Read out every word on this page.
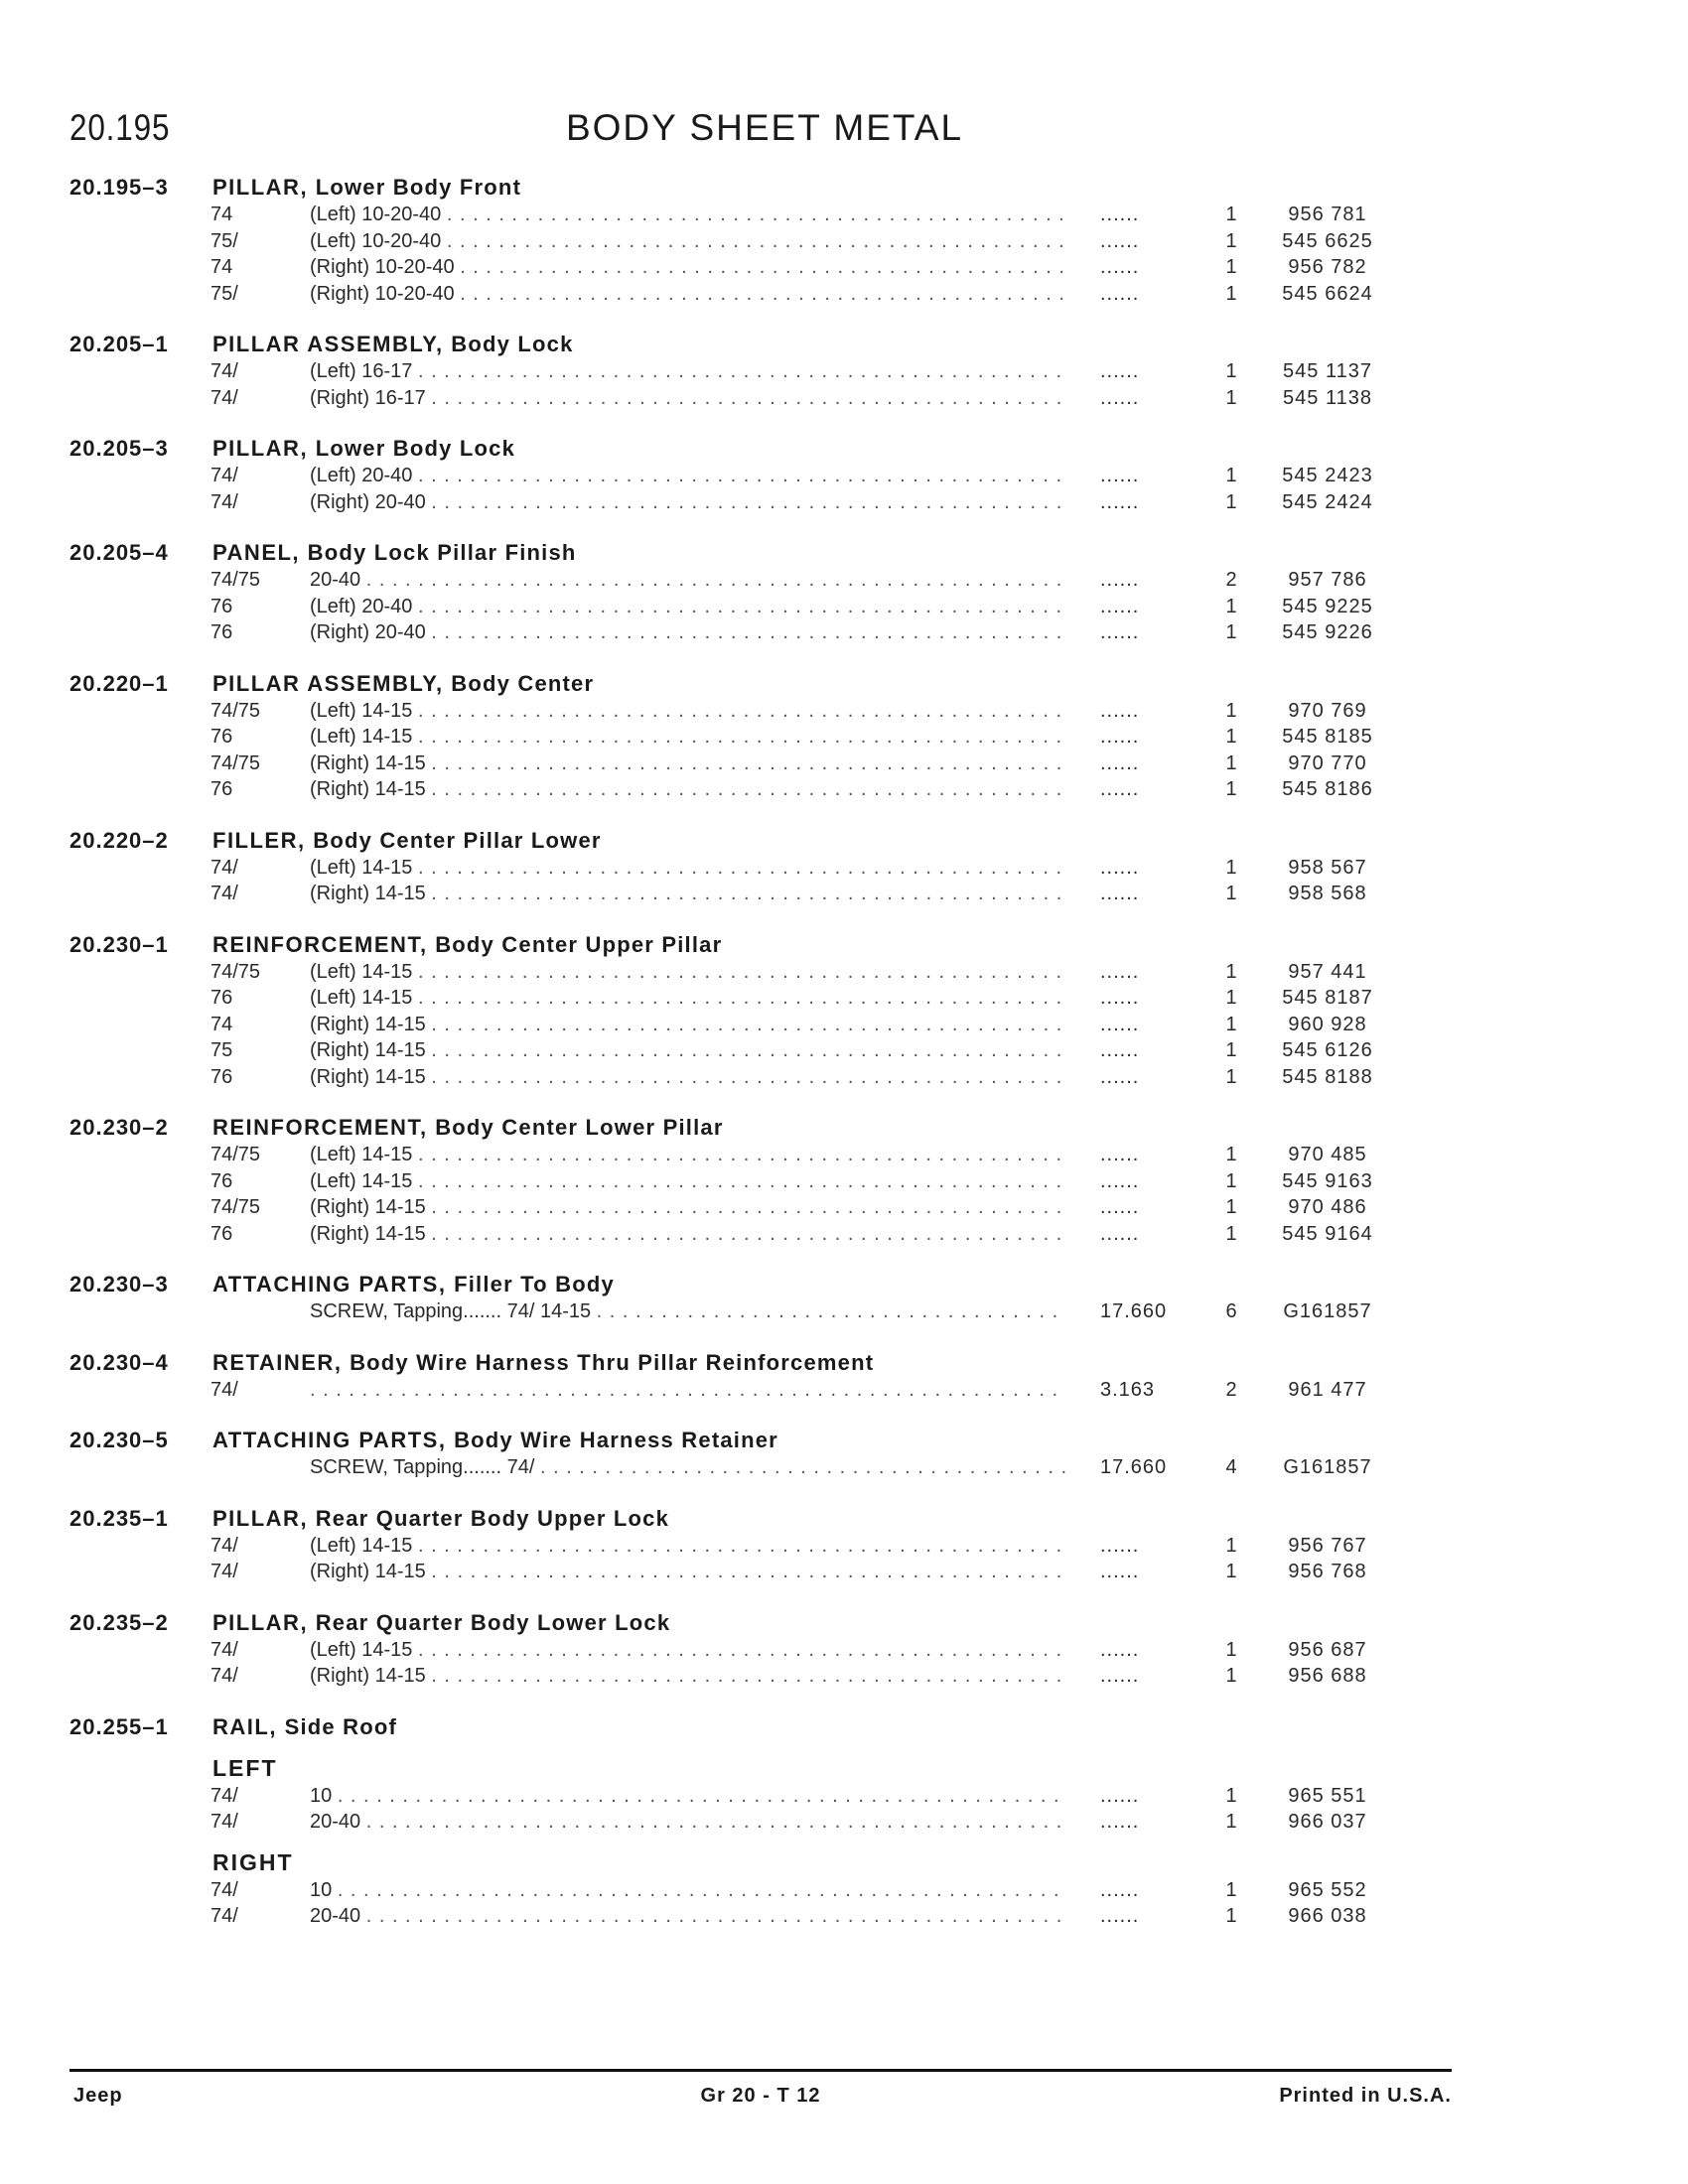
20.195	BODY SHEET METAL
20.195–3 PILLAR, Lower Body Front
74	(Left) 10-20-40 . . .	......	1	956 781
75/	(Left) 10-20-40 . . .	......	1	545 6625
74	(Right) 10-20-40 . . .	......	1	956 782
75/	(Right) 10-20-40 . . .	......	1	545 6624
20.205–1 PILLAR ASSEMBLY, Body Lock
74/	(Left) 16-17 . . .	......	1	545 1137
74/	(Right) 16-17 . . .	......	1	545 1138
20.205–3 PILLAR, Lower Body Lock
74/	(Left) 20-40 . . .	......	1	545 2423
74/	(Right) 20-40 . . .	......	1	545 2424
20.205–4 PANEL, Body Lock Pillar Finish
74/75 20-40 . . .	......	2	957 786
76	(Left) 20-40 . . .	......	1	545 9225
76	(Right) 20-40 . . .	......	1	545 9226
20.220–1 PILLAR ASSEMBLY, Body Center
74/75 (Left) 14-15 . . .	......	1	970 769
76	(Left) 14-15 . . .	......	1	545 8185
74/75 (Right) 14-15 . . .	......	1	970 770
76	(Right) 14-15 . . .	......	1	545 8186
20.220–2 FILLER, Body Center Pillar Lower
74/	(Left) 14-15 . . .	......	1	958 567
74/	(Right) 14-15 . . .	......	1	958 568
20.230–1 REINFORCEMENT, Body Center Upper Pillar
74/75 (Left) 14-15 . . .	......	1	957 441
76	(Left) 14-15 . . .	......	1	545 8187
74	(Right) 14-15 . . .	......	1	960 928
75	(Right) 14-15 . . .	......	1	545 6126
76	(Right) 14-15 . . .	......	1	545 8188
20.230–2 REINFORCEMENT, Body Center Lower Pillar
74/75 (Left) 14-15 . . .	......	1	970 485
76	(Left) 14-15 . . .	......	1	545 9163
74/75 (Right) 14-15 . . .	......	1	970 486
76	(Right) 14-15 . . .	......	1	545 9164
20.230–3 ATTACHING PARTS, Filler To Body
SCREW, Tapping....... 74/ 14-15 . . .	17.660	6	G161857
20.230–4 RETAINER, Body Wire Harness Thru Pillar Reinforcement
74/
. . .	3.163	2	961 477
20.230–5 ATTACHING PARTS, Body Wire Harness Retainer
SCREW, Tapping....... 74/ . . .	17.660	4	G161857
20.235–1 PILLAR, Rear Quarter Body Upper Lock
74/	(Left) 14-15 . . .	......	1	956 767
74/	(Right) 14-15 . . .	......	1	956 768
20.235–2 PILLAR, Rear Quarter Body Lower Lock
74/	(Left) 14-15 . . .	......	1	956 687
74/	(Right) 14-15 . . .	......	1	956 688
20.255–1 RAIL, Side Roof
LEFT
74/	10 . . .	......	1	965 551
74/	20-40 . . .	......	1	966 037
RIGHT
74/	10 . . .	......	1	965 552
74/	20-40 . . .	......	1	966 038
Jeep	Gr 20 - T 12	Printed in U.S.A.
